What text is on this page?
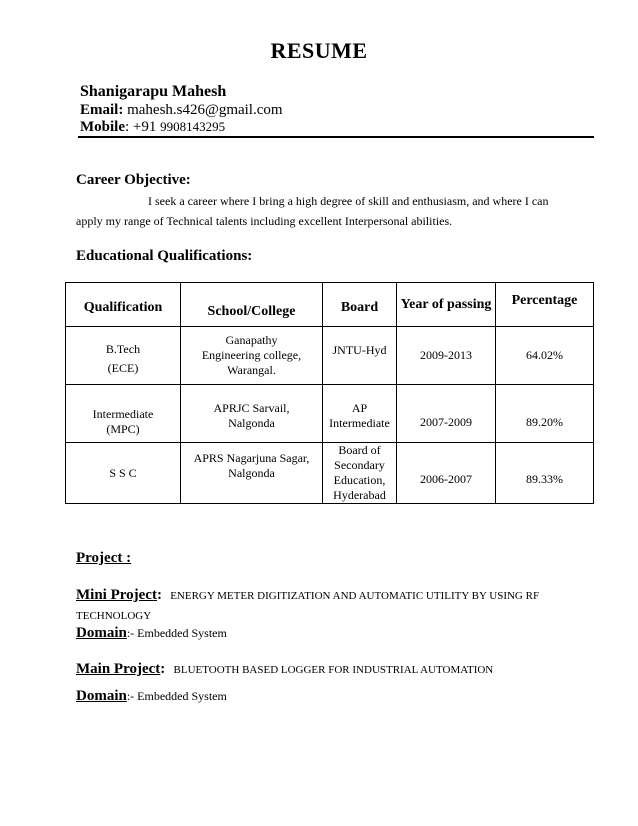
RESUME
Shanigarapu Mahesh
Email: mahesh.s426@gmail.com
Mobile: +91 9908143295
Career Objective:
I seek a career where I bring a high degree of skill and enthusiasm, and where I can
apply my range of Technical talents including excellent Interpersonal abilities.
Educational Qualifications:
Qualification	School/College	Board	Year of passing	Percentage

B.Tech
(ECE)	Ganapathy
Engineering college,
Warangal.	JNTU-Hyd	2009-2013	64.02%

Intermediate
(MPC)	APRJC Sarvail,
Nalgonda	AP
Intermediate	2007-2009	89.20%

S S C	APRS Nagarjuna Sagar,
Nalgonda	Board of
Secondary
Education,
Hyderabad	2006-2007	89.33%
Project :
Mini Project: ENERGY METER DIGITIZATION AND AUTOMATIC UTILITY BY USING RF TECHNOLOGY
Domain:- Embedded System
Main Project: BLUETOOTH BASED LOGGER FOR INDUSTRIAL AUTOMATION
Domain:- Embedded System
